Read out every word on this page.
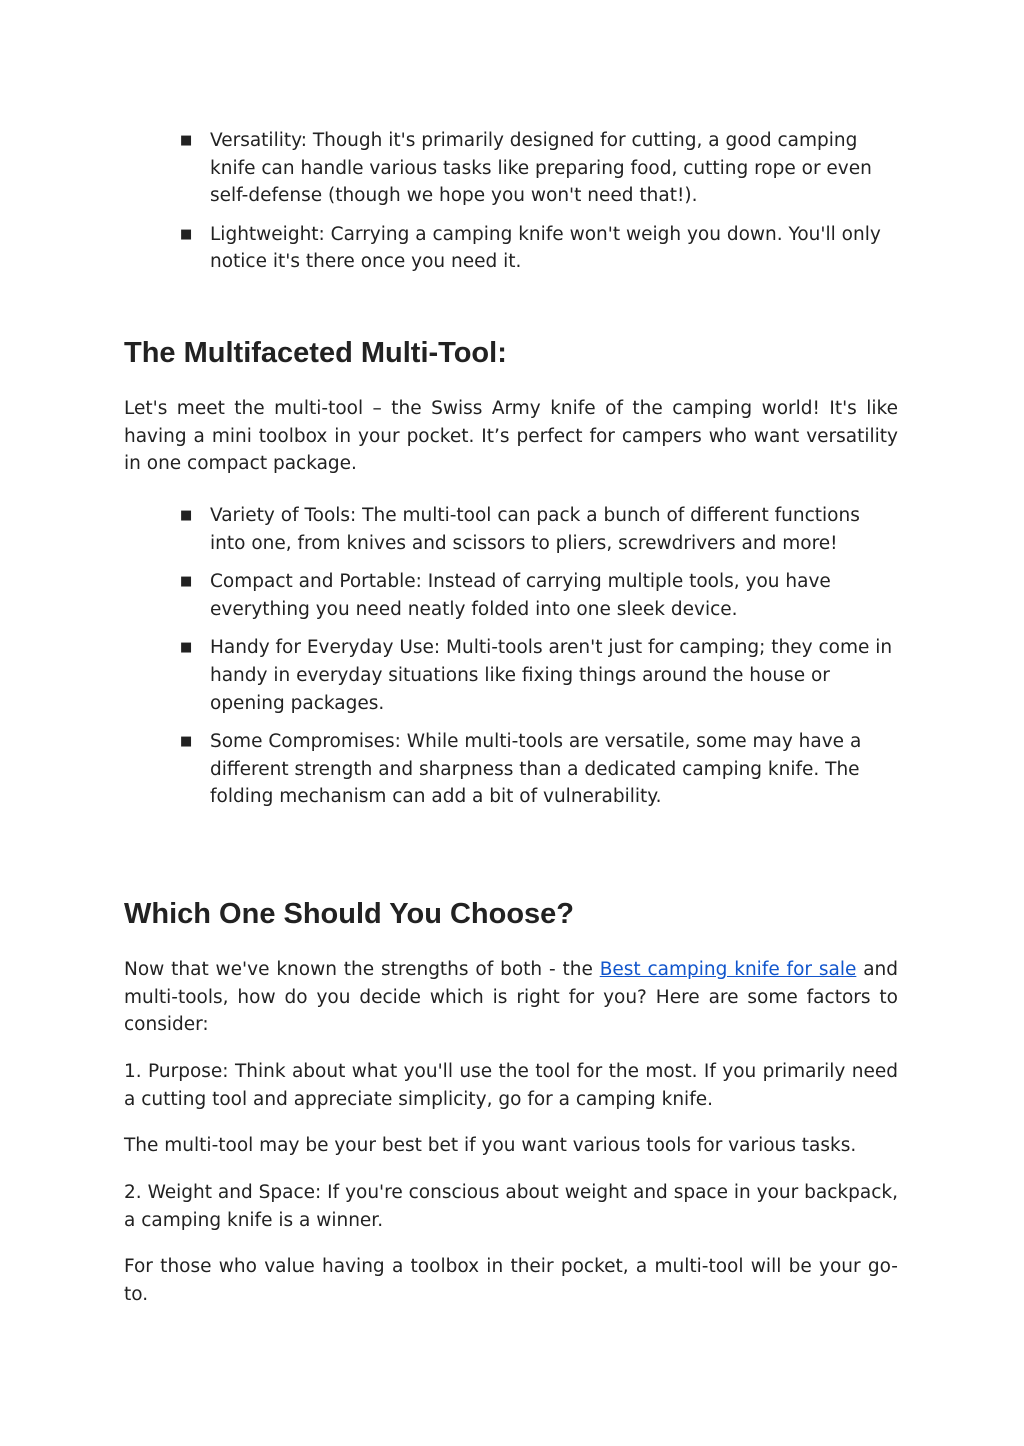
■ Versatility: Though it's primarily designed for cutting, a good camping knife can handle various tasks like preparing food, cutting rope or even self-defense (though we hope you won't need that!).
■ Lightweight: Carrying a camping knife won't weigh you down. You'll only notice it's there once you need it.
The Multifaceted Multi-Tool:

Let's meet the multi-tool – the Swiss Army knife of the camping world! It's like having a mini toolbox in your pocket. It’s perfect for campers who want versatility in one compact package.

■ Variety of Tools: The multi-tool can pack a bunch of different functions into one, from knives and scissors to pliers, screwdrivers and more!
■ Compact and Portable: Instead of carrying multiple tools, you have everything you need neatly folded into one sleek device.
■ Handy for Everyday Use: Multi-tools aren't just for camping; they come in handy in everyday situations like fixing things around the house or opening packages.
■ Some Compromises: While multi-tools are versatile, some may have a different strength and sharpness than a dedicated camping knife. The folding mechanism can add a bit of vulnerability.
Which One Should You Choose?

Now that we've known the strengths of both - the Best camping knife for sale and multi-tools, how do you decide which is right for you? Here are some factors to consider:

1. Purpose: Think about what you'll use the tool for the most. If you primarily need a cutting tool and appreciate simplicity, go for a camping knife.

The multi-tool may be your best bet if you want various tools for various tasks.

2. Weight and Space: If you're conscious about weight and space in your backpack, a camping knife is a winner.

For those who value having a toolbox in their pocket, a multi-tool will be your go-to.
